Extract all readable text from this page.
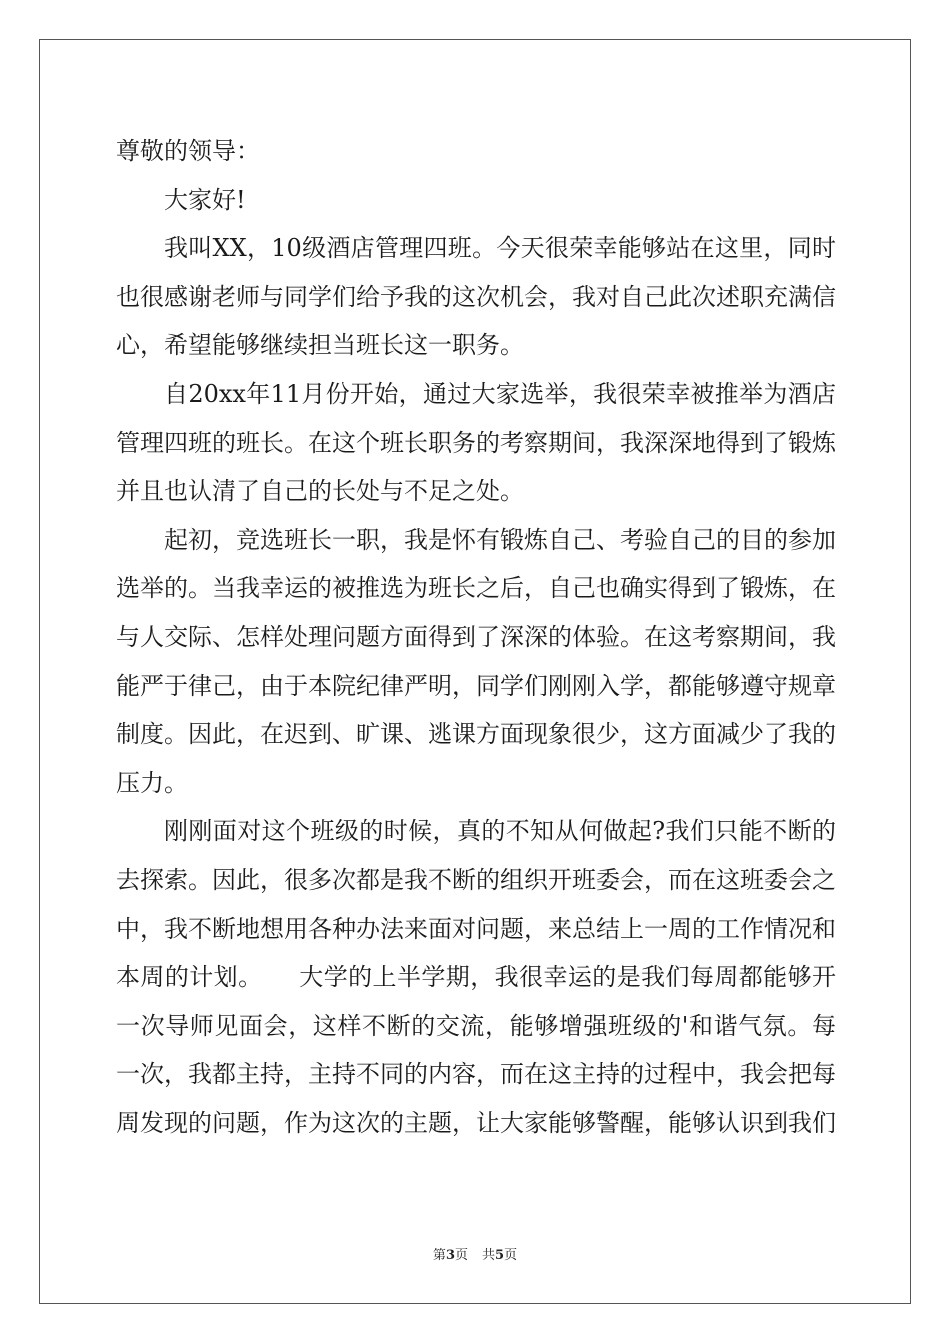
尊敬的领导：

大家好!

我叫XX，10级酒店管理四班。今天很荣幸能够站在这里，同时也很感谢老师与同学们给予我的这次机会，我对自己此次述职充满信心，希望能够继续担当班长这一职务。

自20xx年11月份开始，通过大家选举，我很荣幸被推举为酒店管理四班的班长。在这个班长职务的考察期间，我深深地得到了锻炼并且也认清了自己的长处与不足之处。

起初，竞选班长一职，我是怀有锻炼自己、考验自己的目的参加选举的。当我幸运的被推选为班长之后，自己也确实得到了锻炼，在与人交际、怎样处理问题方面得到了深深的体验。在这考察期间，我能严于律己，由于本院纪律严明，同学们刚刚入学，都能够遵守规章制度。因此，在迟到、旷课、逃课方面现象很少，这方面减少了我的压力。

刚刚面对这个班级的时候，真的不知从何做起?我们只能不断的去探索。因此，很多次都是我不断的组织开班委会，而在这班委会之中，我不断地想用各种办法来面对问题，来总结上一周的工作情况和本周的计划。　　大学的上半学期，我很幸运的是我们每周都能够开一次导师见面会，这样不断的交流，能够增强班级的'和谐气氛。每一次，我都主持，主持不同的内容，而在这主持的过程中，我会把每周发现的问题，作为这次的主题，让大家能够警醒，能够认识到我们

第3页 共5页
